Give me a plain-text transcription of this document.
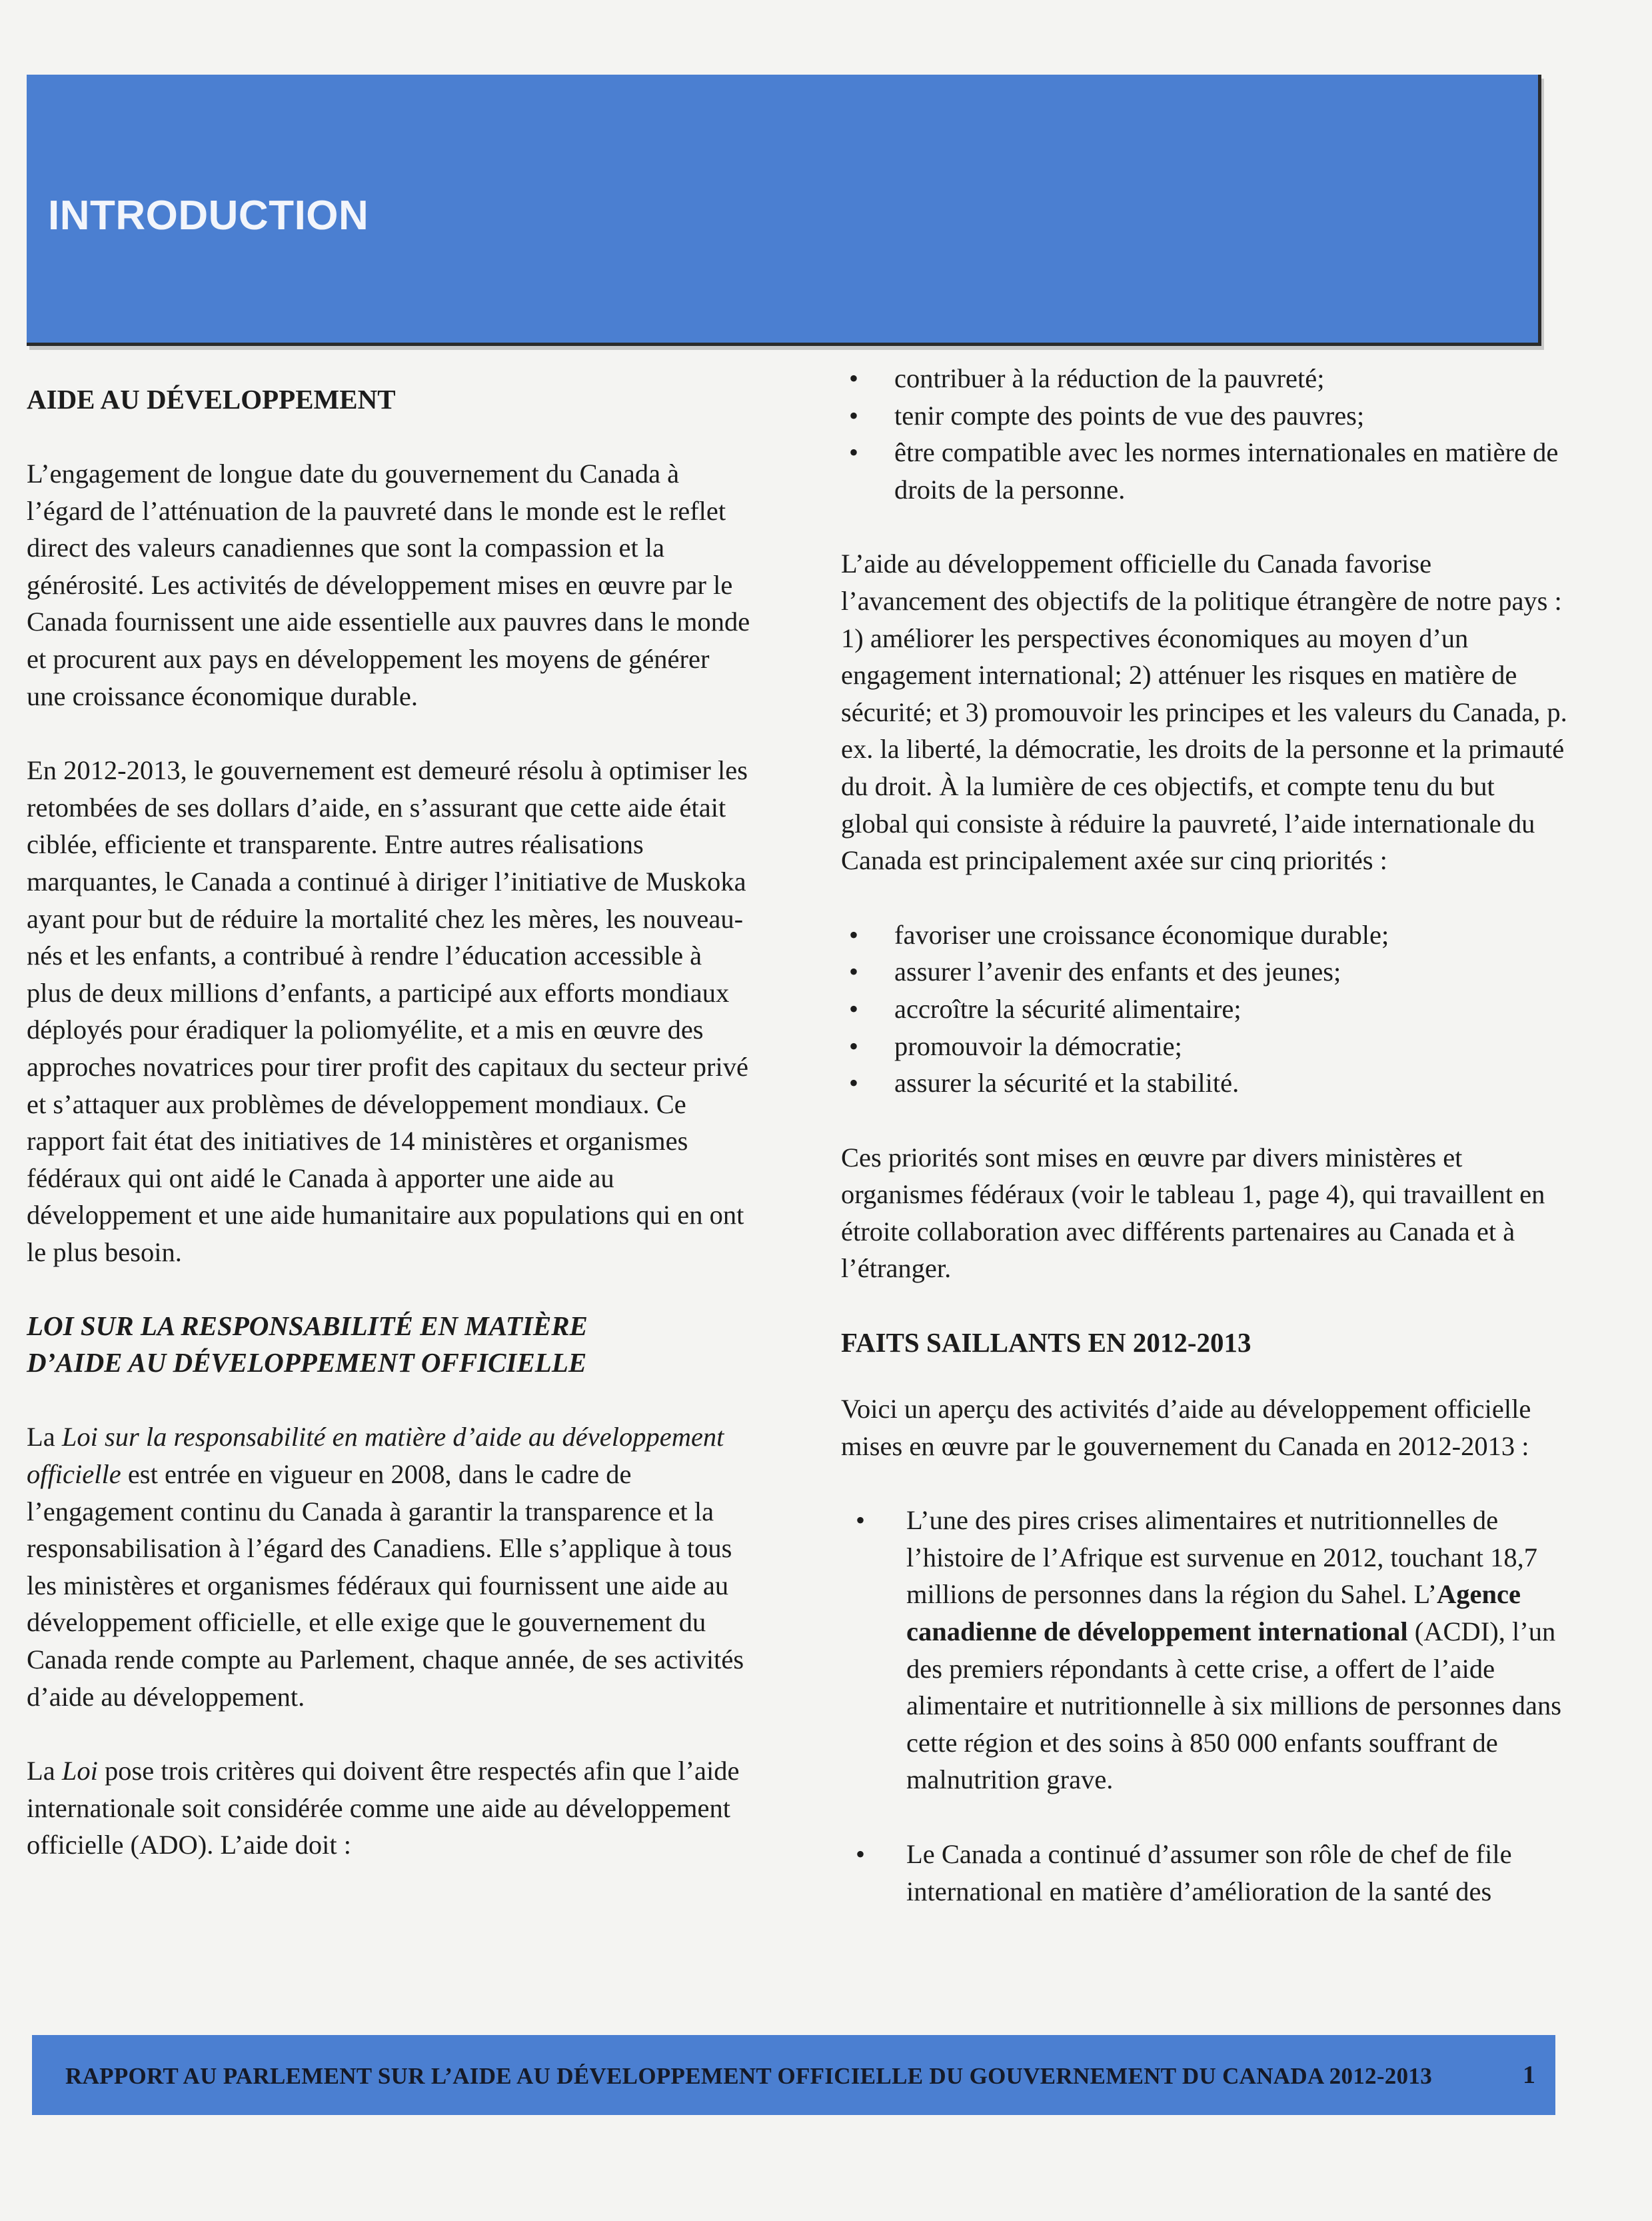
INTRODUCTION
AIDE AU DÉVELOPPEMENT

L’engagement de longue date du gouvernement du Canada à l’égard de l’atténuation de la pauvreté dans le monde est le reflet direct des valeurs canadiennes que sont la compassion et la générosité. Les activités de développement mises en œuvre par le Canada fournissent une aide essentielle aux pauvres dans le monde et procurent aux pays en développement les moyens de générer une croissance économique durable.

En 2012-2013, le gouvernement est demeuré résolu à optimiser les retombées de ses dollars d’aide, en s’assurant que cette aide était ciblée, efficiente et transparente. Entre autres réalisations marquantes, le Canada a continué à diriger l’initiative de Muskoka ayant pour but de réduire la mortalité chez les mères, les nouveau-nés et les enfants, a contribué à rendre l’éducation accessible à plus de deux millions d’enfants, a participé aux efforts mondiaux déployés pour éradiquer la poliomyélite, et a mis en œuvre des approches novatrices pour tirer profit des capitaux du secteur privé et s’attaquer aux problèmes de développement mondiaux. Ce rapport fait état des initiatives de 14 ministères et organismes fédéraux qui ont aidé le Canada à apporter une aide au développement et une aide humanitaire aux populations qui en ont le plus besoin.

LOI SUR LA RESPONSABILITÉ EN MATIÈRE
D’AIDE AU DÉVELOPPEMENT OFFICIELLE

La Loi sur la responsabilité en matière d’aide au développement officielle est entrée en vigueur en 2008, dans le cadre de l’engagement continu du Canada à garantir la transparence et la responsabilisation à l’égard des Canadiens. Elle s’applique à tous les ministères et organismes fédéraux qui fournissent une aide au développement officielle, et elle exige que le gouvernement du Canada rende compte au Parlement, chaque année, de ses activités d’aide au développement.

La Loi pose trois critères qui doivent être respectés afin que l’aide internationale soit considérée comme une aide au développement officielle (ADO). L’aide doit :

• contribuer à la réduction de la pauvreté;
• tenir compte des points de vue des pauvres;
• être compatible avec les normes internationales en matière de droits de la personne.

L’aide au développement officielle du Canada favorise l’avancement des objectifs de la politique étrangère de notre pays : 1) améliorer les perspectives économiques au moyen d’un engagement international; 2) atténuer les risques en matière de sécurité; et 3) promouvoir les principes et les valeurs du Canada, p. ex. la liberté, la démocratie, les droits de la personne et la primauté du droit. À la lumière de ces objectifs, et compte tenu du but global qui consiste à réduire la pauvreté, l’aide internationale du Canada est principalement axée sur cinq priorités :

• favoriser une croissance économique durable;
• assurer l’avenir des enfants et des jeunes;
• accroître la sécurité alimentaire;
• promouvoir la démocratie;
• assurer la sécurité et la stabilité.

Ces priorités sont mises en œuvre par divers ministères et organismes fédéraux (voir le tableau 1, page 4), qui travaillent en étroite collaboration avec différents partenaires au Canada et à l’étranger.

FAITS SAILLANTS EN 2012-2013

Voici un aperçu des activités d’aide au développement officielle mises en œuvre par le gouvernement du Canada en 2012-2013 :

• L’une des pires crises alimentaires et nutritionnelles de l’histoire de l’Afrique est survenue en 2012, touchant 18,7 millions de personnes dans la région du Sahel. L’Agence canadienne de développement international (ACDI), l’un des premiers répondants à cette crise, a offert de l’aide alimentaire et nutritionnelle à six millions de personnes dans cette région et des soins à 850 000 enfants souffrant de malnutrition grave.
• Le Canada a continué d’assumer son rôle de chef de file international en matière d’amélioration de la santé des
RAPPORT AU PARLEMENT SUR L’AIDE AU DÉVELOPPEMENT OFFICIELLE DU GOUVERNEMENT DU CANADA 2012-2013	1
